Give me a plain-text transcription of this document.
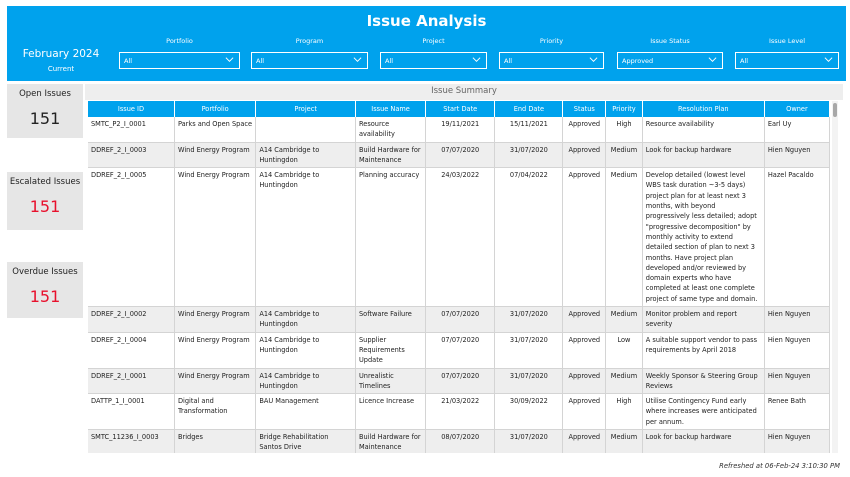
Issue Analysis
February 2024
Current
Portfolio
All
Program
All
Project
All
Priority
All
Issue Status
Approved
Issue Level
All
Open Issues
151
Escalated Issues
151
Overdue Issues
151
Issue Summary
Issue ID	Portfolio	Project	Issue Name	Start Date	End Date	Status	Priority	Resolution Plan	Owner
SMTC_P2_I_0001	Parks and Open Space		Resource availability	19/11/2021	15/11/2021	Approved	High	Resource availability	Earl Uy
DDREF_2_I_0003	Wind Energy Program	A14 Cambridge to Huntingdon	Build Hardware for Maintenance	07/07/2020	31/07/2020	Approved	Medium	Look for backup hardware	Hien Nguyen
DDREF_2_I_0005	Wind Energy Program	A14 Cambridge to Huntingdon	Planning accuracy	24/03/2022	07/04/2022	Approved	Medium	Develop detailed (lowest level WBS task duration ~3-5 days) project plan for at least next 3 months, with beyond progressively less detailed; adopt "progressive decomposition" by monthly activity to extend detailed section of plan to next 3 months. Have project plan developed and/or reviewed by domain experts who have completed at least one complete project of same type and domain.	Hazel Pacaldo
DDREF_2_I_0002	Wind Energy Program	A14 Cambridge to Huntingdon	Software Failure	07/07/2020	31/07/2020	Approved	Medium	Monitor problem and report severity	Hien Nguyen
DDREF_2_I_0004	Wind Energy Program	A14 Cambridge to Huntingdon	Supplier Requirements Update	07/07/2020	31/07/2020	Approved	Low	A suitable support vendor to pass requirements by April 2018	Hien Nguyen
DDREF_2_I_0001	Wind Energy Program	A14 Cambridge to Huntingdon	Unrealistic Timelines	07/07/2020	31/07/2020	Approved	Medium	Weekly Sponsor & Steering Group Reviews	Hien Nguyen
DATTP_1_I_0001	Digital and Transformation	BAU Management	Licence Increase	21/03/2022	30/09/2022	Approved	High	Utilise Contingency Fund early where increases were anticipated per annum.	Renee Bath
SMTC_11236_I_0003	Bridges	Bridge Rehabilitation Santos Drive	Build Hardware for Maintenance	08/07/2020	31/07/2020	Approved	Medium	Look for backup hardware	Hien Nguyen
Refreshed at 06-Feb-24 3:10:30 PM
